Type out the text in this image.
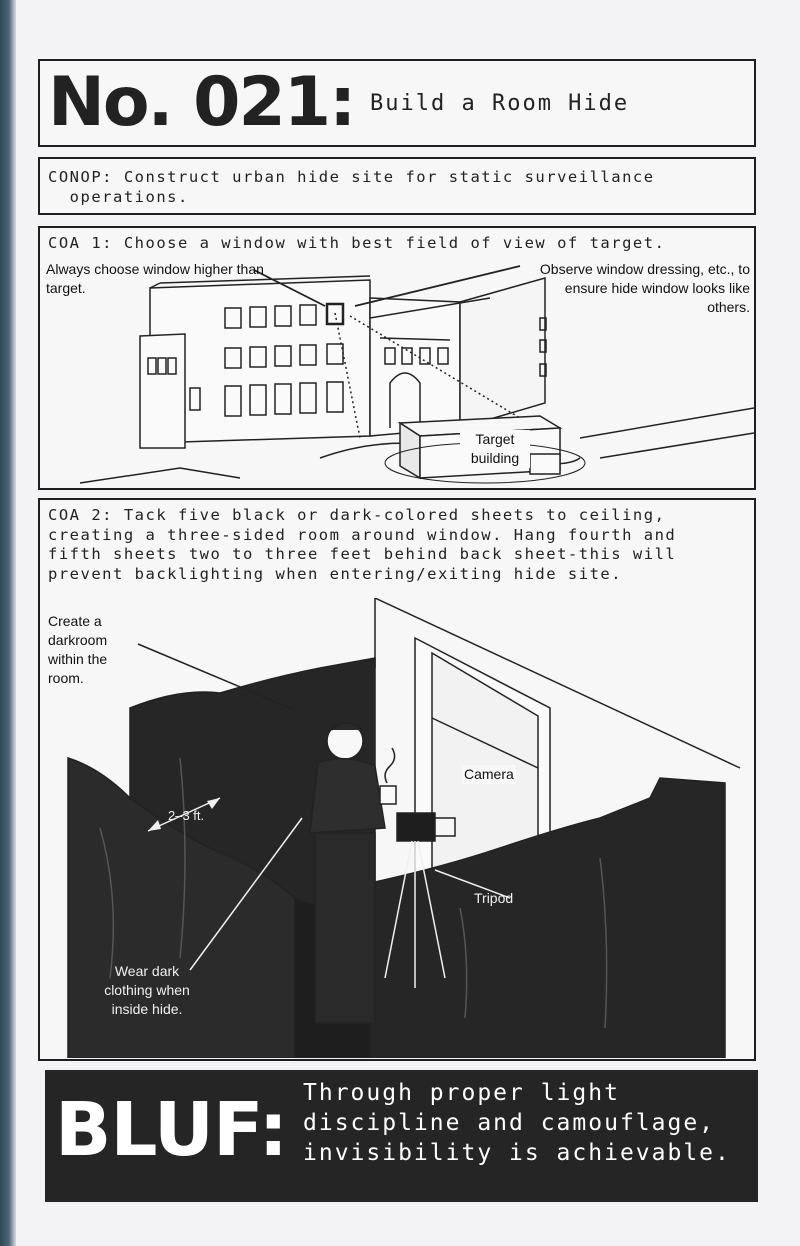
No. 021: Build a Room Hide
CONOP: Construct urban hide site for static surveillance
operations.
COA 1: Choose a window with best field of view of target.
Always choose window higher than target.
Observe window dressing, etc., to ensure hide window looks like others.
Target building
COA 2: Tack five black or dark-colored sheets to ceiling,
creating a three-sided room around window. Hang fourth and
fifth sheets two to three feet behind back sheet-this will
prevent backlighting when entering/exiting hide site.
Create a darkroom within the room.
2–3 ft.
Camera
Tripod
Wear dark clothing when inside hide.
BLUF: Through proper light discipline and camouflage, invisibility is achievable.
